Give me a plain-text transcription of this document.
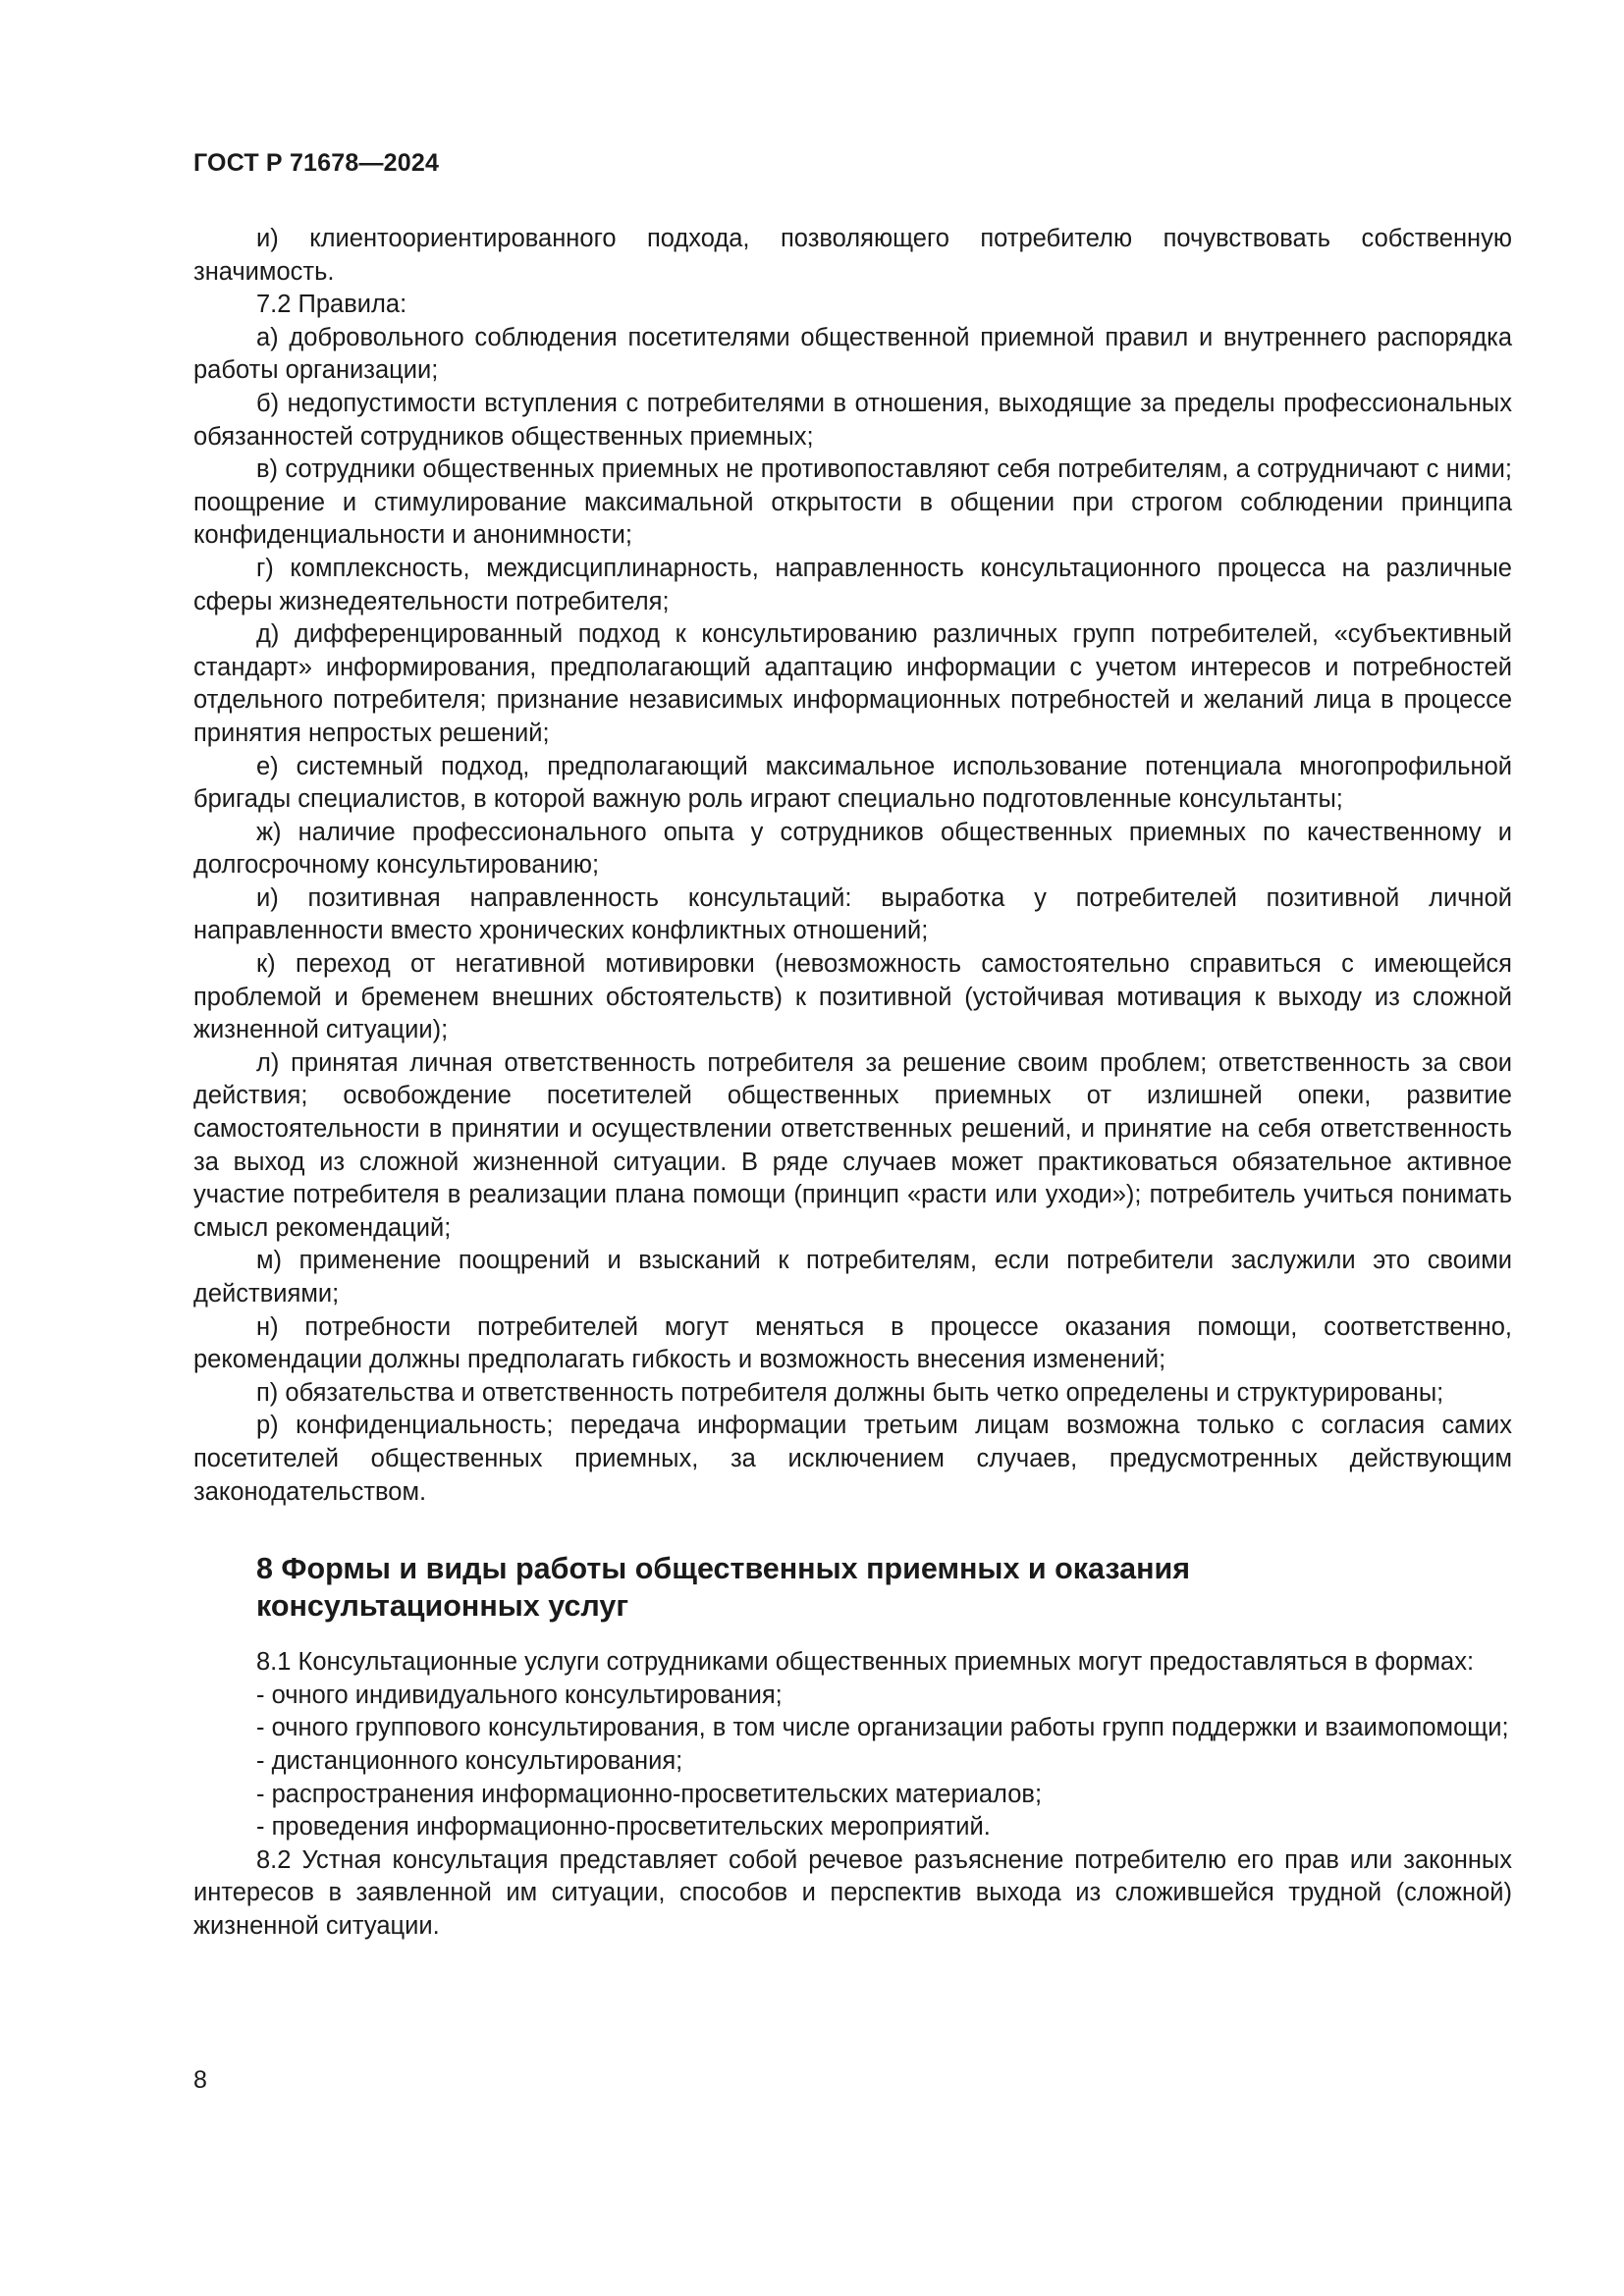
ГОСТ Р 71678—2024

и) клиентоориентированного подхода, позволяющего потребителю почувствовать собственную значимость.

7.2 Правила:

а) добровольного соблюдения посетителями общественной приемной правил и внутреннего распорядка работы организации;

б) недопустимости вступления с потребителями в отношения, выходящие за пределы профессиональных обязанностей сотрудников общественных приемных;

в) сотрудники общественных приемных не противопоставляют себя потребителям, а сотрудничают с ними; поощрение и стимулирование максимальной открытости в общении при строгом соблюдении принципа конфиденциальности и анонимности;

г) комплексность, междисциплинарность, направленность консультационного процесса на различные сферы жизнедеятельности потребителя;

д) дифференцированный подход к консультированию различных групп потребителей, «субъективный стандарт» информирования, предполагающий адаптацию информации с учетом интересов и потребностей отдельного потребителя; признание независимых информационных потребностей и желаний лица в процессе принятия непростых решений;

е) системный подход, предполагающий максимальное использование потенциала многопрофильной бригады специалистов, в которой важную роль играют специально подготовленные консультанты;

ж) наличие профессионального опыта у сотрудников общественных приемных по качественному и долгосрочному консультированию;

и) позитивная направленность консультаций: выработка у потребителей позитивной личной направленности вместо хронических конфликтных отношений;

к) переход от негативной мотивировки (невозможность самостоятельно справиться с имеющейся проблемой и бременем внешних обстоятельств) к позитивной (устойчивая мотивация к выходу из сложной жизненной ситуации);

л) принятая личная ответственность потребителя за решение своим проблем; ответственность за свои действия; освобождение посетителей общественных приемных от излишней опеки, развитие самостоятельности в принятии и осуществлении ответственных решений, и принятие на себя ответственность за выход из сложной жизненной ситуации. В ряде случаев может практиковаться обязательное активное участие потребителя в реализации плана помощи (принцип «расти или уходи»); потребитель учиться понимать смысл рекомендаций;

м) применение поощрений и взысканий к потребителям, если потребители заслужили это своими действиями;

н) потребности потребителей могут меняться в процессе оказания помощи, соответственно, рекомендации должны предполагать гибкость и возможность внесения изменений;

п) обязательства и ответственность потребителя должны быть четко определены и структурированы;

р) конфиденциальность; передача информации третьим лицам возможна только с согласия самих посетителей общественных приемных, за исключением случаев, предусмотренных действующим законодательством.

8 Формы и виды работы общественных приемных и оказания
консультационных услуг

8.1 Консультационные услуги сотрудниками общественных приемных могут предоставляться в формах:

- очного индивидуального консультирования;

- очного группового консультирования, в том числе организации работы групп поддержки и взаимопомощи;

- дистанционного консультирования;

- распространения информационно-просветительских материалов;

- проведения информационно-просветительских мероприятий.

8.2 Устная консультация представляет собой речевое разъяснение потребителю его прав или законных интересов в заявленной им ситуации, способов и перспектив выхода из сложившейся трудной (сложной) жизненной ситуации.

8
